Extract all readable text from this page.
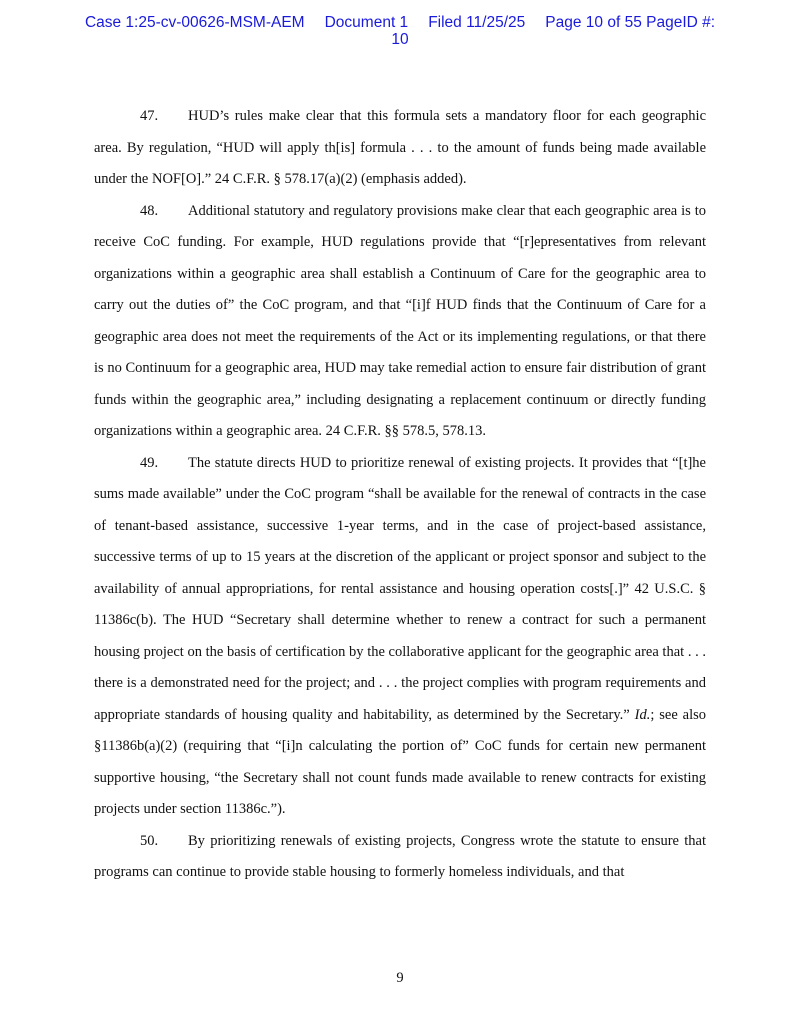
Case 1:25-cv-00626-MSM-AEM Document 1 Filed 11/25/25 Page 10 of 55 PageID #:
10

47. HUD’s rules make clear that this formula sets a mandatory floor for each geographic area. By regulation, “HUD will apply th[is] formula . . . to the amount of funds being made available under the NOF[O].” 24 C.F.R. § 578.17(a)(2) (emphasis added).

48. Additional statutory and regulatory provisions make clear that each geographic area is to receive CoC funding. For example, HUD regulations provide that “[r]epresentatives from relevant organizations within a geographic area shall establish a Continuum of Care for the geographic area to carry out the duties of” the CoC program, and that “[i]f HUD finds that the Continuum of Care for a geographic area does not meet the requirements of the Act or its implementing regulations, or that there is no Continuum for a geographic area, HUD may take remedial action to ensure fair distribution of grant funds within the geographic area,” including designating a replacement continuum or directly funding organizations within a geographic area. 24 C.F.R. §§ 578.5, 578.13.

49. The statute directs HUD to prioritize renewal of existing projects. It provides that “[t]he sums made available” under the CoC program “shall be available for the renewal of contracts in the case of tenant-based assistance, successive 1-year terms, and in the case of project-based assistance, successive terms of up to 15 years at the discretion of the applicant or project sponsor and subject to the availability of annual appropriations, for rental assistance and housing operation costs[.]” 42 U.S.C. § 11386c(b). The HUD “Secretary shall determine whether to renew a contract for such a permanent housing project on the basis of certification by the collaborative applicant for the geographic area that . . . there is a demonstrated need for the project; and . . . the project complies with program requirements and appropriate standards of housing quality and habitability, as determined by the Secretary.” Id.; see also §11386b(a)(2) (requiring that “[i]n calculating the portion of” CoC funds for certain new permanent supportive housing, “the Secretary shall not count funds made available to renew contracts for existing projects under section 11386c.”).

50. By prioritizing renewals of existing projects, Congress wrote the statute to ensure that programs can continue to provide stable housing to formerly homeless individuals, and that

9
